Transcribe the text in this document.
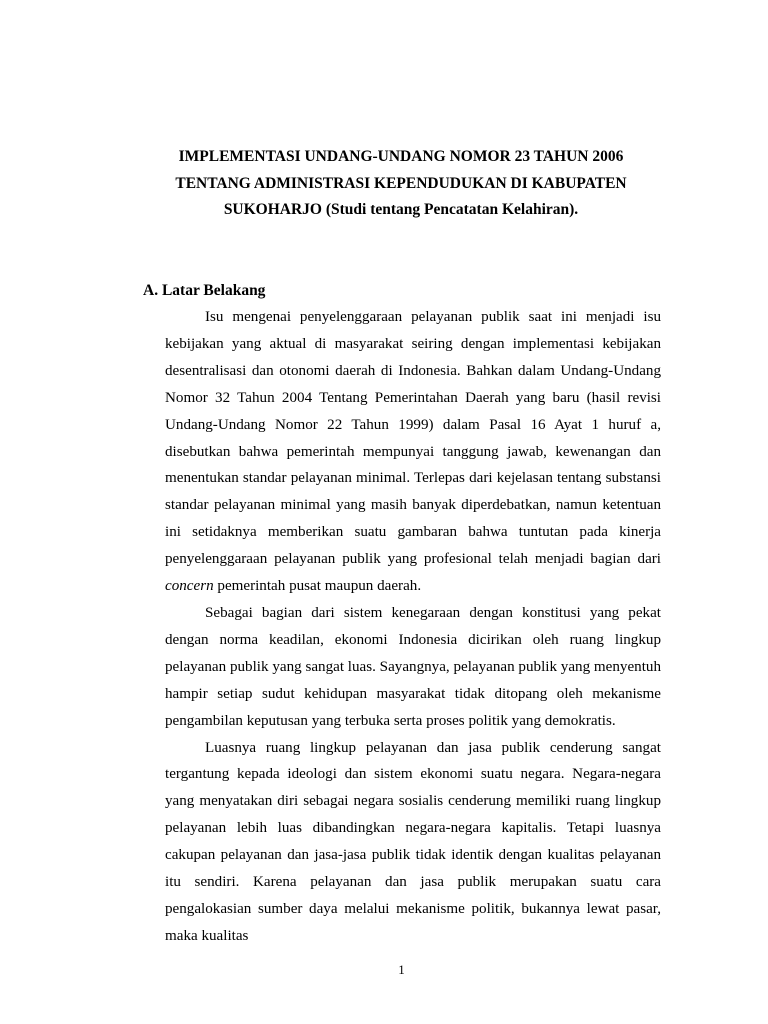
IMPLEMENTASI UNDANG-UNDANG NOMOR 23 TAHUN 2006 TENTANG ADMINISTRASI KEPENDUDUKAN DI KABUPATEN SUKOHARJO (Studi tentang Pencatatan Kelahiran).
A. Latar Belakang

Isu mengenai penyelenggaraan pelayanan publik saat ini menjadi isu kebijakan yang aktual di masyarakat seiring dengan implementasi kebijakan desentralisasi dan otonomi daerah di Indonesia. Bahkan dalam Undang-Undang Nomor 32 Tahun 2004 Tentang Pemerintahan Daerah yang baru (hasil revisi Undang-Undang Nomor 22 Tahun 1999) dalam Pasal 16 Ayat 1 huruf a, disebutkan bahwa pemerintah mempunyai tanggung jawab, kewenangan dan menentukan standar pelayanan minimal. Terlepas dari kejelasan tentang substansi standar pelayanan minimal yang masih banyak diperdebatkan, namun ketentuan ini setidaknya memberikan suatu gambaran bahwa tuntutan pada kinerja penyelenggaraan pelayanan publik yang profesional telah menjadi bagian dari concern pemerintah pusat maupun daerah.

Sebagai bagian dari sistem kenegaraan dengan konstitusi yang pekat dengan norma keadilan, ekonomi Indonesia dicirikan oleh ruang lingkup pelayanan publik yang sangat luas. Sayangnya, pelayanan publik yang menyentuh hampir setiap sudut kehidupan masyarakat tidak ditopang oleh mekanisme pengambilan keputusan yang terbuka serta proses politik yang demokratis.

Luasnya ruang lingkup pelayanan dan jasa publik cenderung sangat tergantung kepada ideologi dan sistem ekonomi suatu negara. Negara-negara yang menyatakan diri sebagai negara sosialis cenderung memiliki ruang lingkup pelayanan lebih luas dibandingkan negara-negara kapitalis. Tetapi luasnya cakupan pelayanan dan jasa-jasa publik tidak identik dengan kualitas pelayanan itu sendiri. Karena pelayanan dan jasa publik merupakan suatu cara pengalokasian sumber daya melalui mekanisme politik, bukannya lewat pasar, maka kualitas

1
